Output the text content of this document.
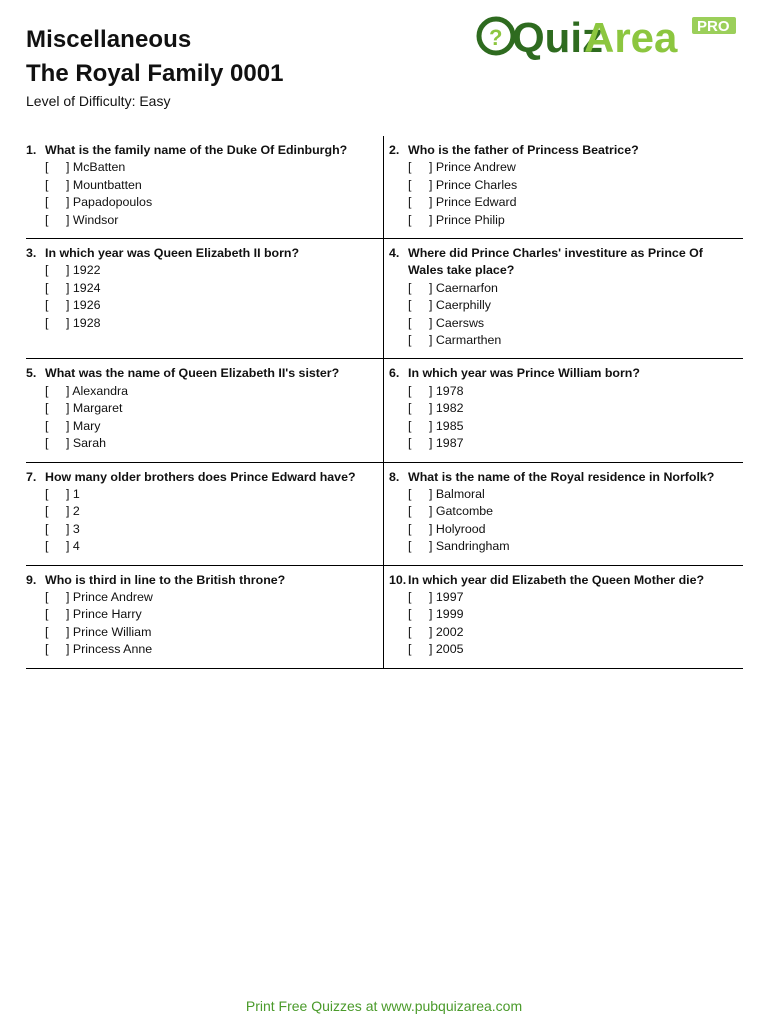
Miscellaneous
The Royal Family 0001
Level of Difficulty: Easy
? Quiz
Area PRO
1. What is the family name of the Duke Of Edinburgh?
[ ] McBatten
[ ] Mountbatten
[ ] Papadopoulos
[ ] Windsor
2. Who is the father of Princess Beatrice?
[ ] Prince Andrew
[ ] Prince Charles
[ ] Prince Edward
[ ] Prince Philip
3. In which year was Queen Elizabeth II born?
[ ] 1922
[ ] 1924
[ ] 1926
[ ] 1928
4. Where did Prince Charles' investiture as Prince Of Wales take place?
[ ] Caernarfon
[ ] Caerphilly
[ ] Caersws
[ ] Carmarthen
5. What was the name of Queen Elizabeth II's sister?
[ ] Alexandra
[ ] Margaret
[ ] Mary
[ ] Sarah
6. In which year was Prince William born?
[ ] 1978
[ ] 1982
[ ] 1985
[ ] 1987
7. How many older brothers does Prince Edward have?
[ ] 1
[ ] 2
[ ] 3
[ ] 4
8. What is the name of the Royal residence in Norfolk?
[ ] Balmoral
[ ] Gatcombe
[ ] Holyrood
[ ] Sandringham
9. Who is third in line to the British throne?
[ ] Prince Andrew
[ ] Prince Harry
[ ] Prince William
[ ] Princess Anne
10. In which year did Elizabeth the Queen Mother die?
[ ] 1997
[ ] 1999
[ ] 2002
[ ] 2005
Print Free Quizzes at www.pubquizarea.com
